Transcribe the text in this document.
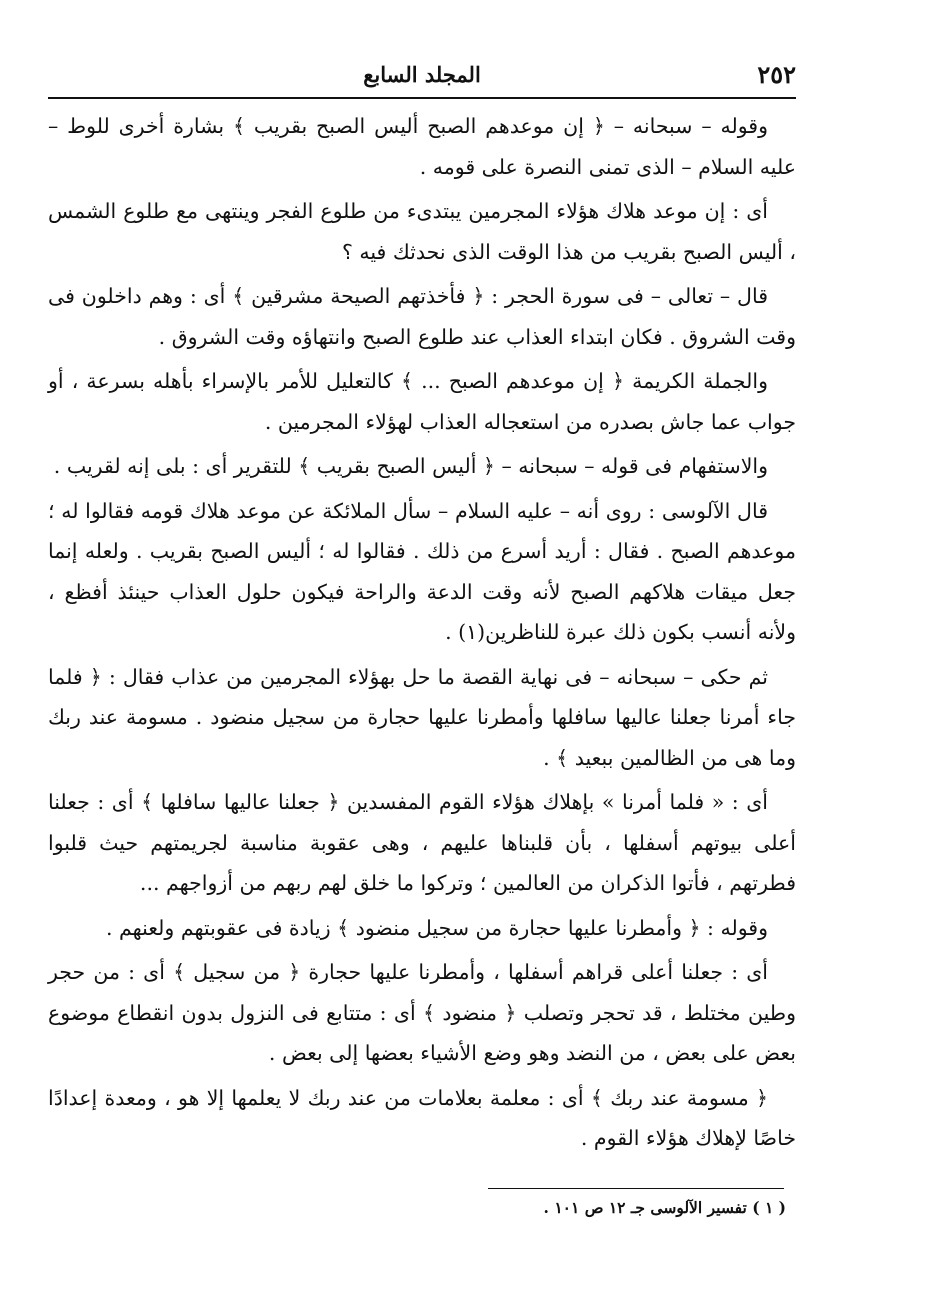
٢٥٢
المجلد السابع

وقوله – سبحانه – ﴿ إن موعدهم الصبح أليس الصبح بقريب ﴾ بشارة أخرى للوط – عليه السلام – الذى تمنى النصرة على قومه .

أى : إن موعد هلاك هؤلاء المجرمين يبتدىء من طلوع الفجر وينتهى مع طلوع الشمس ، أليس الصبح بقريب من هذا الوقت الذى نحدثك فيه ؟

قال – تعالى – فى سورة الحجر : ﴿ فأخذتهم الصيحة مشرقين ﴾ أى : وهم داخلون فى وقت الشروق . فكان ابتداء العذاب عند طلوع الصبح وانتهاؤه وقت الشروق .

والجملة الكريمة ﴿ إن موعدهم الصبح ... ﴾ كالتعليل للأمر بالإسراء بأهله بسرعة ، أو جواب عما جاش بصدره من استعجاله العذاب لهؤلاء المجرمين .

والاستفهام فى قوله – سبحانه – ﴿ أليس الصبح بقريب ﴾ للتقرير أى : بلى إنه لقريب .

قال الآلوسى : روى أنه – عليه السلام – سأل الملائكة عن موعد هلاك قومه فقالوا له ؛ موعدهم الصبح . فقال : أريد أسرع من ذلك . فقالوا له ؛ أليس الصبح بقريب . ولعله إنما جعل ميقات هلاكهم الصبح لأنه وقت الدعة والراحة فيكون حلول العذاب حينئذ أفظع ، ولأنه أنسب بكون ذلك عبرة للناظرين(١) .

ثم حكى – سبحانه – فى نهاية القصة ما حل بهؤلاء المجرمين من عذاب فقال : ﴿ فلما جاء أمرنا جعلنا عاليها سافلها وأمطرنا عليها حجارة من سجيل منضود . مسومة عند ربك وما هى من الظالمين ببعيد ﴾ .

أى : « فلما أمرنا » بإهلاك هؤلاء القوم المفسدين ﴿ جعلنا عاليها سافلها ﴾ أى : جعلنا أعلى بيوتهم أسفلها ، بأن قلبناها عليهم ، وهى عقوبة مناسبة لجريمتهم حيث قلبوا فطرتهم ، فأتوا الذكران من العالمين ؛ وتركوا ما خلق لهم ربهم من أزواجهم ...

وقوله : ﴿ وأمطرنا عليها حجارة من سجيل منضود ﴾ زيادة فى عقوبتهم ولعنهم .

أى : جعلنا أعلى قراهم أسفلها ، وأمطرنا عليها حجارة ﴿ من سجيل ﴾ أى : من حجر وطين مختلط ، قد تحجر وتصلب ﴿ منضود ﴾ أى : متتابع فى النزول بدون انقطاع موضوع بعض على بعض ، من النضد وهو وضع الأشياء بعضها إلى بعض .

﴿ مسومة عند ربك ﴾ أى : معلمة بعلامات من عند ربك لا يعلمها إلا هو ، ومعدة إعدادًا خاصًا لإهلاك هؤلاء القوم .

( ١ ) تفسير الآلوسى جـ ١٢ ص ١٠١ .
